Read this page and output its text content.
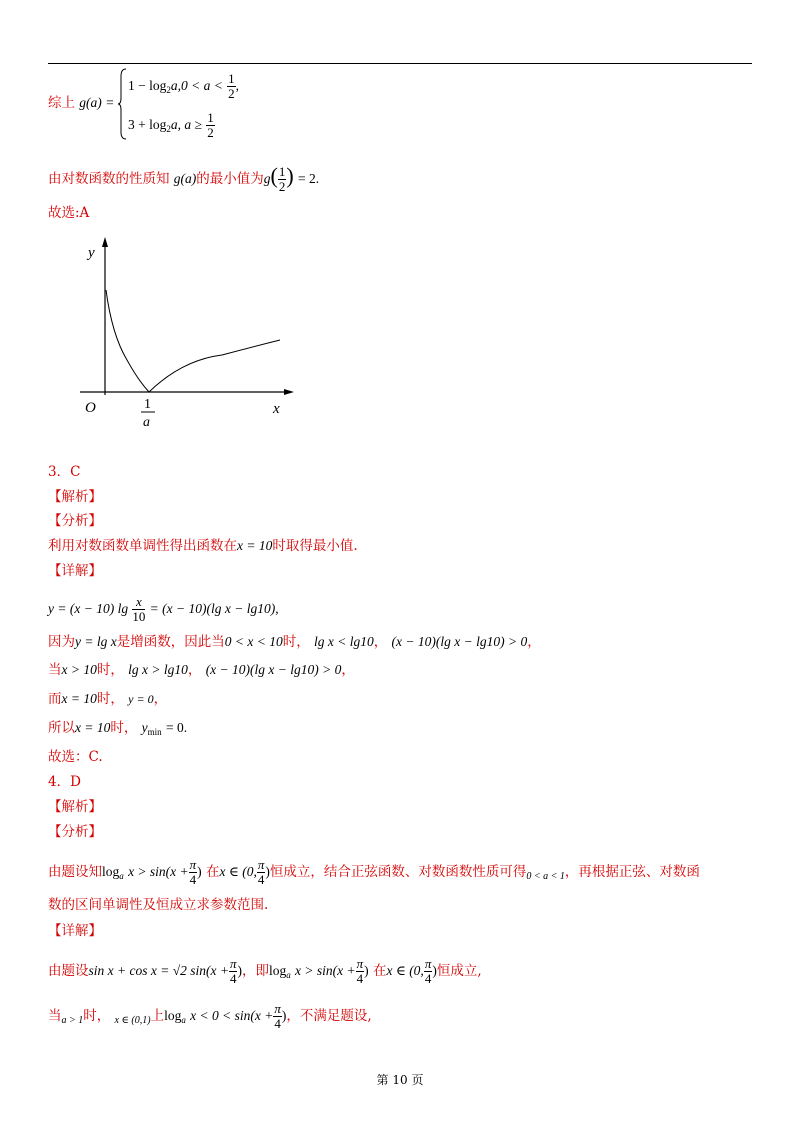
综上 g(a) =
$1 - \log_2a,0 < a < \frac{1}{2}$ ,
$3 + \log_2a$, $a \ge \frac{1}{2}$
由对数函数的性质知 g(a)的最小值为$g( \frac{1}{2}$ ) = 2.
故选:A
y
x
O	1
a
3．C
【解析】
【分析】
利用对数函数单调性得出函数在x = 10时取得最小值.
【详解】
y = (x − 10) $\lg \frac{x}{10} = (x - 10)(\lg$ x − lg10),
因为y = lg x是增函数，因此当0 < x < 10时， lg x < lg10， (x − 10)(lg x − lg10) > 0，
当x > 10时， lg x > lg10， (x − 10)(lg x − lg10) > 0，
而x = 10时， y = 0，
所以x = 10时， $y_{min} = 0$.
故选：C.
4．D
【解析】
【分析】
由题设知$\log_a x > \sin(x + \frac{\pi}{4}$ ) 在x ∈ (0, $\frac{\pi}{4}$ )恒成立，结合正弦函数、对数函数性质可得$_{0 < a < 1}$，再根据正弦、对数函
数的区间单调性及恒成立求参数范围.
【详解】
由题设sin x + cos x = √2 $\sin(x + \frac{\pi}{4}$ )，即$\log_a x > \sin(x + \frac{\pi}{4}$ ) 在x ∈ (0, $\frac{\pi}{4}$ )恒成立,
当$_{a > 1}$时， $_{x \in (0,1)}$上$\log_a x < 0 < \sin(x + \frac{\pi}{4}$ )，不满足题设,
第 10 页
